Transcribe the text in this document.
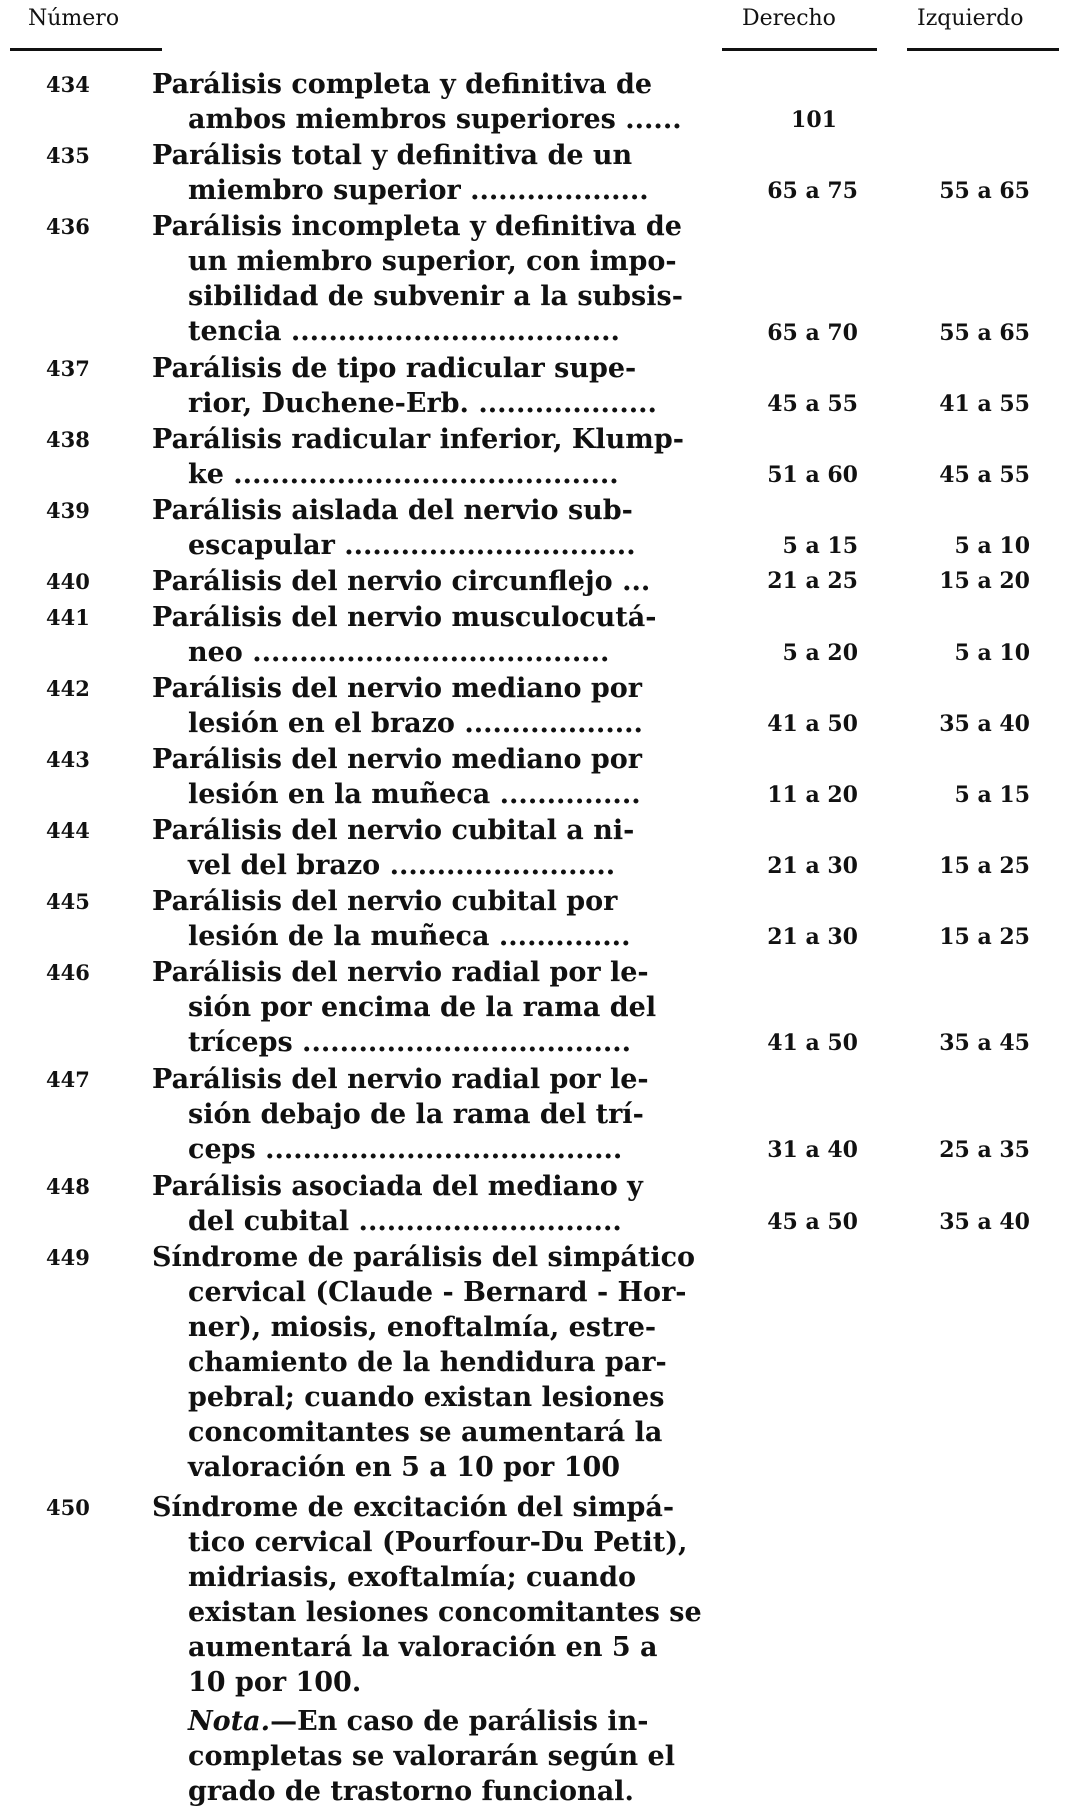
Número	Derecho	Izquierdo
434	Parálisis completa y definitiva de
ambos miembros superiores ......	101
435	Parálisis total y definitiva de un
miembro superior ...................	65 a 75	55 a 65
436	Parálisis incompleta y definitiva de
un miembro superior, con impo-
sibilidad de subvenir a la subsis-
tencia ...................................	65 a 70	55 a 65
437	Parálisis de tipo radicular supe-
rior, Duchene-Erb. ...................	45 a 55	41 a 55
438	Parálisis radicular inferior, Klump-
ke .........................................	51 a 60	45 a 55
439	Parálisis aislada del nervio sub-
escapular ...............................	5 a 15	5 a 10
440	Parálisis del nervio circunflejo ...	21 a 25	15 a 20
441	Parálisis del nervio musculocutá-
neo ......................................	5 a 20	5 a 10
442	Parálisis del nervio mediano por
lesión en el brazo ...................	41 a 50	35 a 40
443	Parálisis del nervio mediano por
lesión en la muñeca ...............	11 a 20	5 a 15
444	Parálisis del nervio cubital a ni-
vel del brazo ........................	21 a 30	15 a 25
445	Parálisis del nervio cubital por
lesión de la muñeca ..............	21 a 30	15 a 25
446	Parálisis del nervio radial por le-
sión por encima de la rama del
tríceps ...................................	41 a 50	35 a 45
447	Parálisis del nervio radial por le-
sión debajo de la rama del trí-
ceps ......................................	31 a 40	25 a 35
448	Parálisis asociada del mediano y
del cubital ............................	45 a 50	35 a 40
449	Síndrome de parálisis del simpático
cervical (Claude - Bernard - Hor-
ner), miosis, enoftalmía, estre-
chamiento de la hendidura par-
pebral; cuando existan lesiones
concomitantes se aumentará la
valoración en 5 a 10 por 100
450	Síndrome de excitación del simpá-
tico cervical (Pourfour-Du Petit),
midriasis, exoftalmía; cuando
existan lesiones concomitantes se
aumentará la valoración en 5 a
10 por 100.
Nota.—En caso de parálisis in-
completas se valorarán según el
grado de trastorno funcional.
